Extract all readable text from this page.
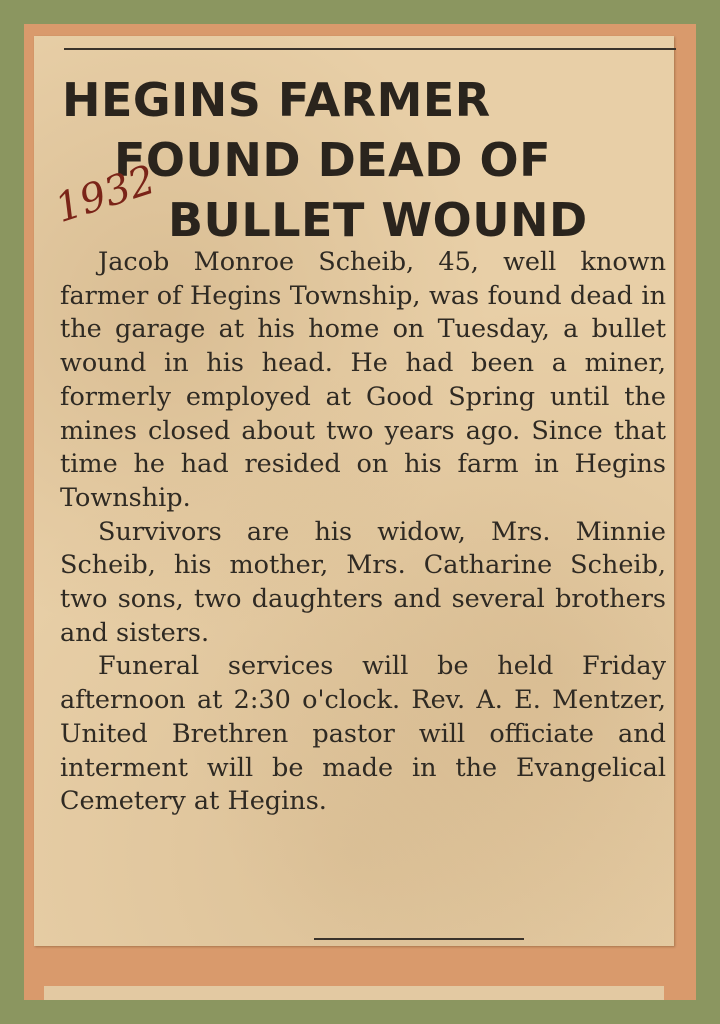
HEGINS FARMER
FOUND DEAD OF
BULLET WOUND
1932

Jacob Monroe Scheib, 45, well known farmer of Hegins Township, was found dead in the garage at his home on Tuesday, a bullet wound in his head. He had been a miner, formerly employed at Good Spring until the mines closed about two years ago. Since that time he had resided on his farm in Hegins Township.

Survivors are his widow, Mrs. Minnie Scheib, his mother, Mrs. Catharine Scheib, two sons, two daughters and several brothers and sisters.

Funeral services will be held Friday afternoon at 2:30 o'clock. Rev. A. E. Mentzer, United Brethren pastor will officiate and interment will be made in the Evangelical Cemetery at Hegins.
